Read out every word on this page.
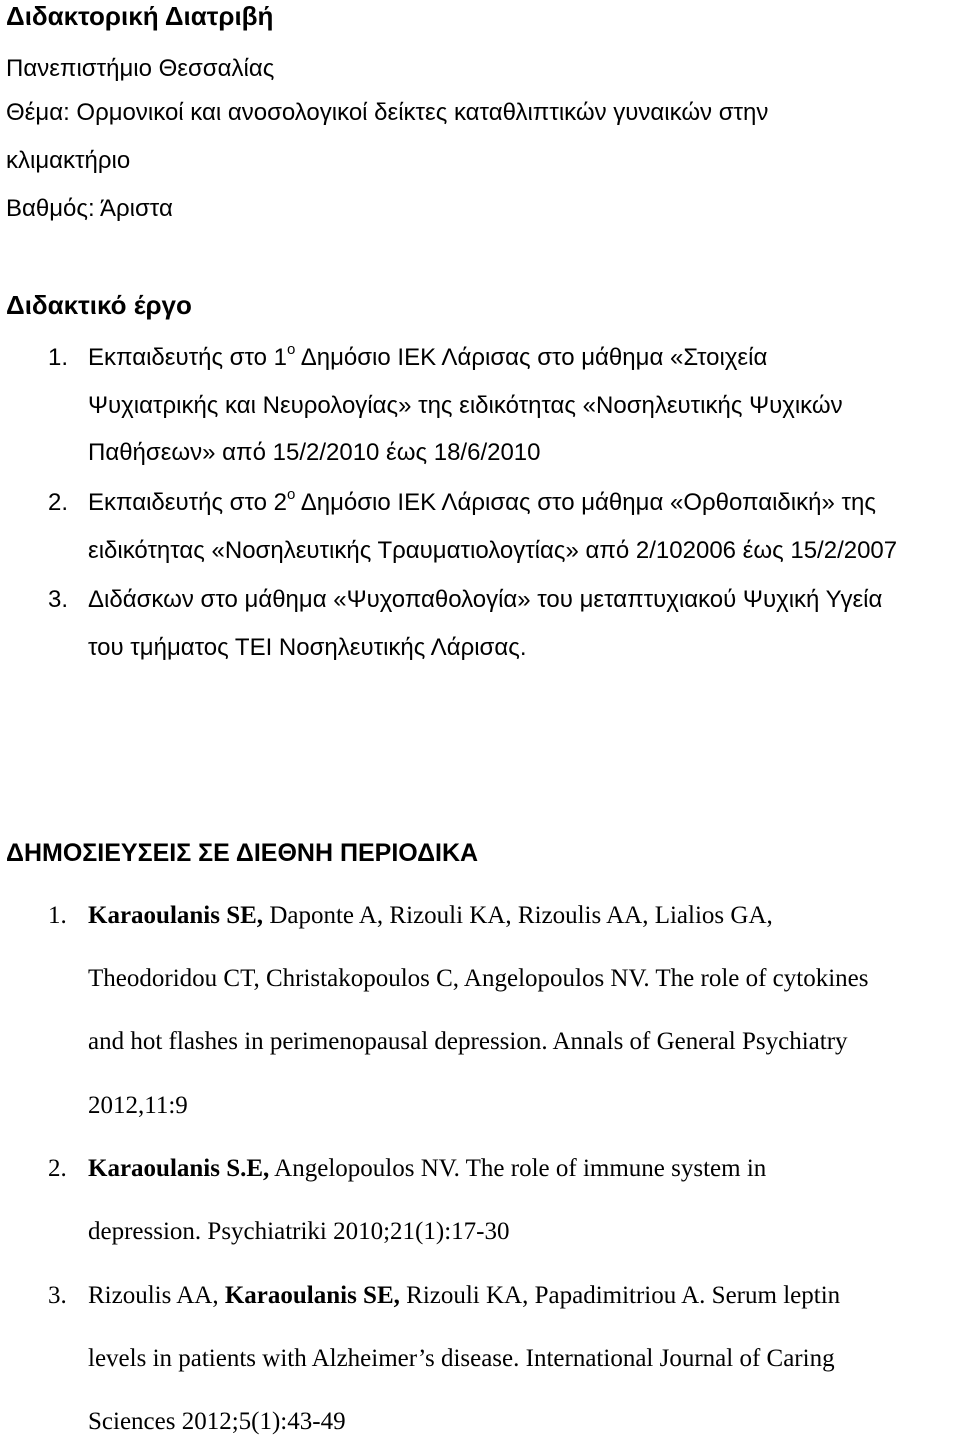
Διδακτορική Διατριβή
Πανεπιστήμιο Θεσσαλίας
Θέμα: Ορμονικοί και ανοσολογικοί δείκτες καταθλιπτικών γυναικών στην
κλιμακτήριο
Βαθμός: Άριστα
Διδακτικό έργο
1. Εκπαιδευτής στο $1^o$ Δημόσιο ΙΕΚ Λάρισας στο μάθημα «Στοιχεία
Ψυχιατρικής και Νευρολογίας» της ειδικότητας «Νοσηλευτικής Ψυχικών
Παθήσεων» από 15/2/2010 έως 18/6/2010
2. Εκπαιδευτής στο $2^o$ Δημόσιο ΙΕΚ Λάρισας στο μάθημα «Ορθοπαιδική» της
ειδικότητας «Νοσηλευτικής Τραυματιολογτίας» από 2/102006 έως 15/2/2007
3. Διδάσκων στο μάθημα «Ψυχοπαθολογία» του μεταπτυχιακού Ψυχική Υγεία
του τμήματος ΤΕΙ Νοσηλευτικής Λάρισας.
ΔΗΜΟΣΙΕΥΣΕΙΣ ΣΕ ΔΙΕΘΝΗ ΠΕΡΙΟΔΙΚΑ
1. Karaoulanis SE, Daponte A, Rizouli KA, Rizoulis AA, Lialios GA,
Theodoridou CT, Christakopoulos C, Angelopoulos NV. The role of cytokines
and hot flashes in perimenopausal depression. Annals of General Psychiatry
2012,11:9
2. Karaoulanis S.E, Angelopoulos NV. The role of immune system in
depression. Psychiatriki 2010;21(1):17-30
3. Rizoulis AA, Karaoulanis SE, Rizouli KA, Papadimitriou A. Serum leptin
levels in patients with Alzheimer’s disease. International Journal of Caring
Sciences 2012;5(1):43-49
